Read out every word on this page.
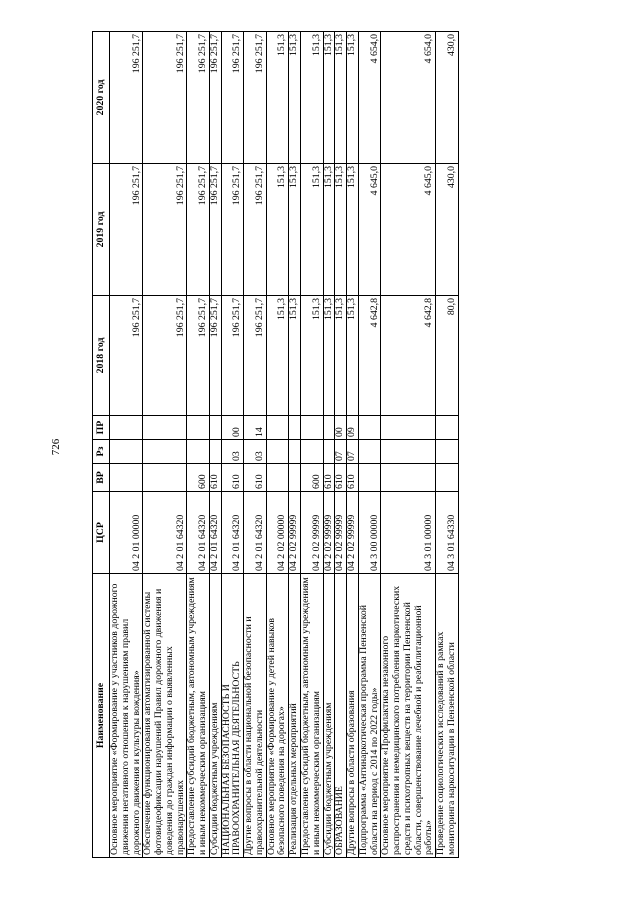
726
Наименование	ЦСР	ВР	Рз	ПР	2018 год	2019 год	2020 год
Основное мероприятие «Формирование у участников дорожного движения негативного отношения к нарушениям правил дорожного движения и культуры вождения»	04 2 01 00000				196 251,7	196 251,7	196 251,7
Обеспечение функционирования автоматизированной системы фотовидеофиксации нарушений Правил дорожного движения и доведения до граждан информации о выявленных правонарушениях	04 2 01 64320				196 251,7	196 251,7	196 251,7
Предоставление субсидий бюджетным, автономным учреждениям и иным некоммерческим организациям	04 2 01 64320	600			196 251,7	196 251,7	196 251,7
Субсидии бюджетным учреждениям	04 2 01 64320	610			196 251,7	196 251,7	196 251,7
НАЦИОНАЛЬНАЯ БЕЗОПАСНОСТЬ И ПРАВООХРАНИТЕЛЬНАЯ ДЕЯТЕЛЬНОСТЬ	04 2 01 64320	610	03	00	196 251,7	196 251,7	196 251,7
Другие вопросы в области национальной безопасности и правоохранительной деятельности	04 2 01 64320	610	03	14	196 251,7	196 251,7	196 251,7
Основное мероприятие «Формирование у детей навыков безопасного поведения на дорогах»	04 2 02 00000				151,3	151,3	151,3
Реализация отдельных мероприятий	04 2 02 99999				151,3	151,3	151,3
Предоставление субсидий бюджетным, автономным учреждениям и иным некоммерческим организациям	04 2 02 99999	600			151,3	151,3	151,3
Субсидии бюджетным учреждениям	04 2 02 99999	610			151,3	151,3	151,3
ОБРАЗОВАНИЕ	04 2 02 99999	610	07	00	151,3	151,3	151,3
Другие вопросы в области образования	04 2 02 99999	610	07	09	151,3	151,3	151,3
Подпрограмма «Антинаркотическая программа Пензенской области на период с 2014 по 2022 годы»	04 3 00 00000				4 642,8	4 645,0	4 654,0
Основное мероприятие «Профилактика незаконного распространения и немедицинского потребления наркотических средств и психотропных веществ на территории Пензенской области, совершенствование лечебной и реабилитационной работы»	04 3 01 00000				4 642,8	4 645,0	4 654,0
Проведение социологических исследований в рамках мониторинга наркоситуации в Пензенской области	04 3 01 64330				80,0	430,0	430,0
